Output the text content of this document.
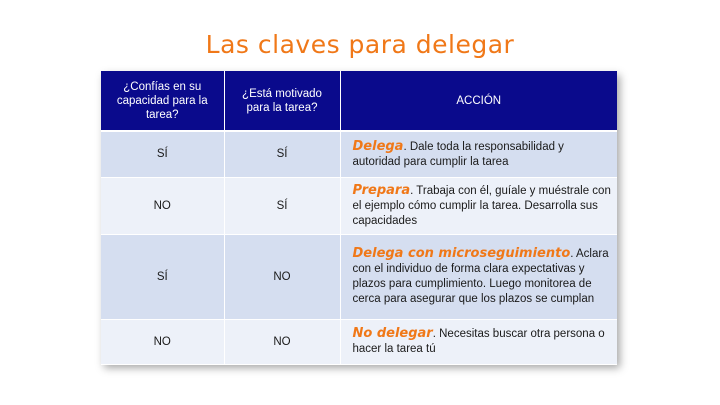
Las claves para delegar
¿Confías en su capacidad para la tarea?	¿Está motivado para la tarea?	ACCIÓN
SÍ	SÍ	Delega. Dale toda la responsabilidad y autoridad para cumplir la tarea
NO	SÍ	Prepara. Trabaja con él, guíale y muéstrale con el ejemplo cómo cumplir la tarea. Desarrolla sus capacidades
SÍ	NO	Delega con microseguimiento. Aclara con el individuo de forma clara expectativas y plazos para cumplimiento. Luego monitorea de cerca para asegurar que los plazos se cumplan
NO	NO	No delegar. Necesitas buscar otra persona o hacer la tarea tú
